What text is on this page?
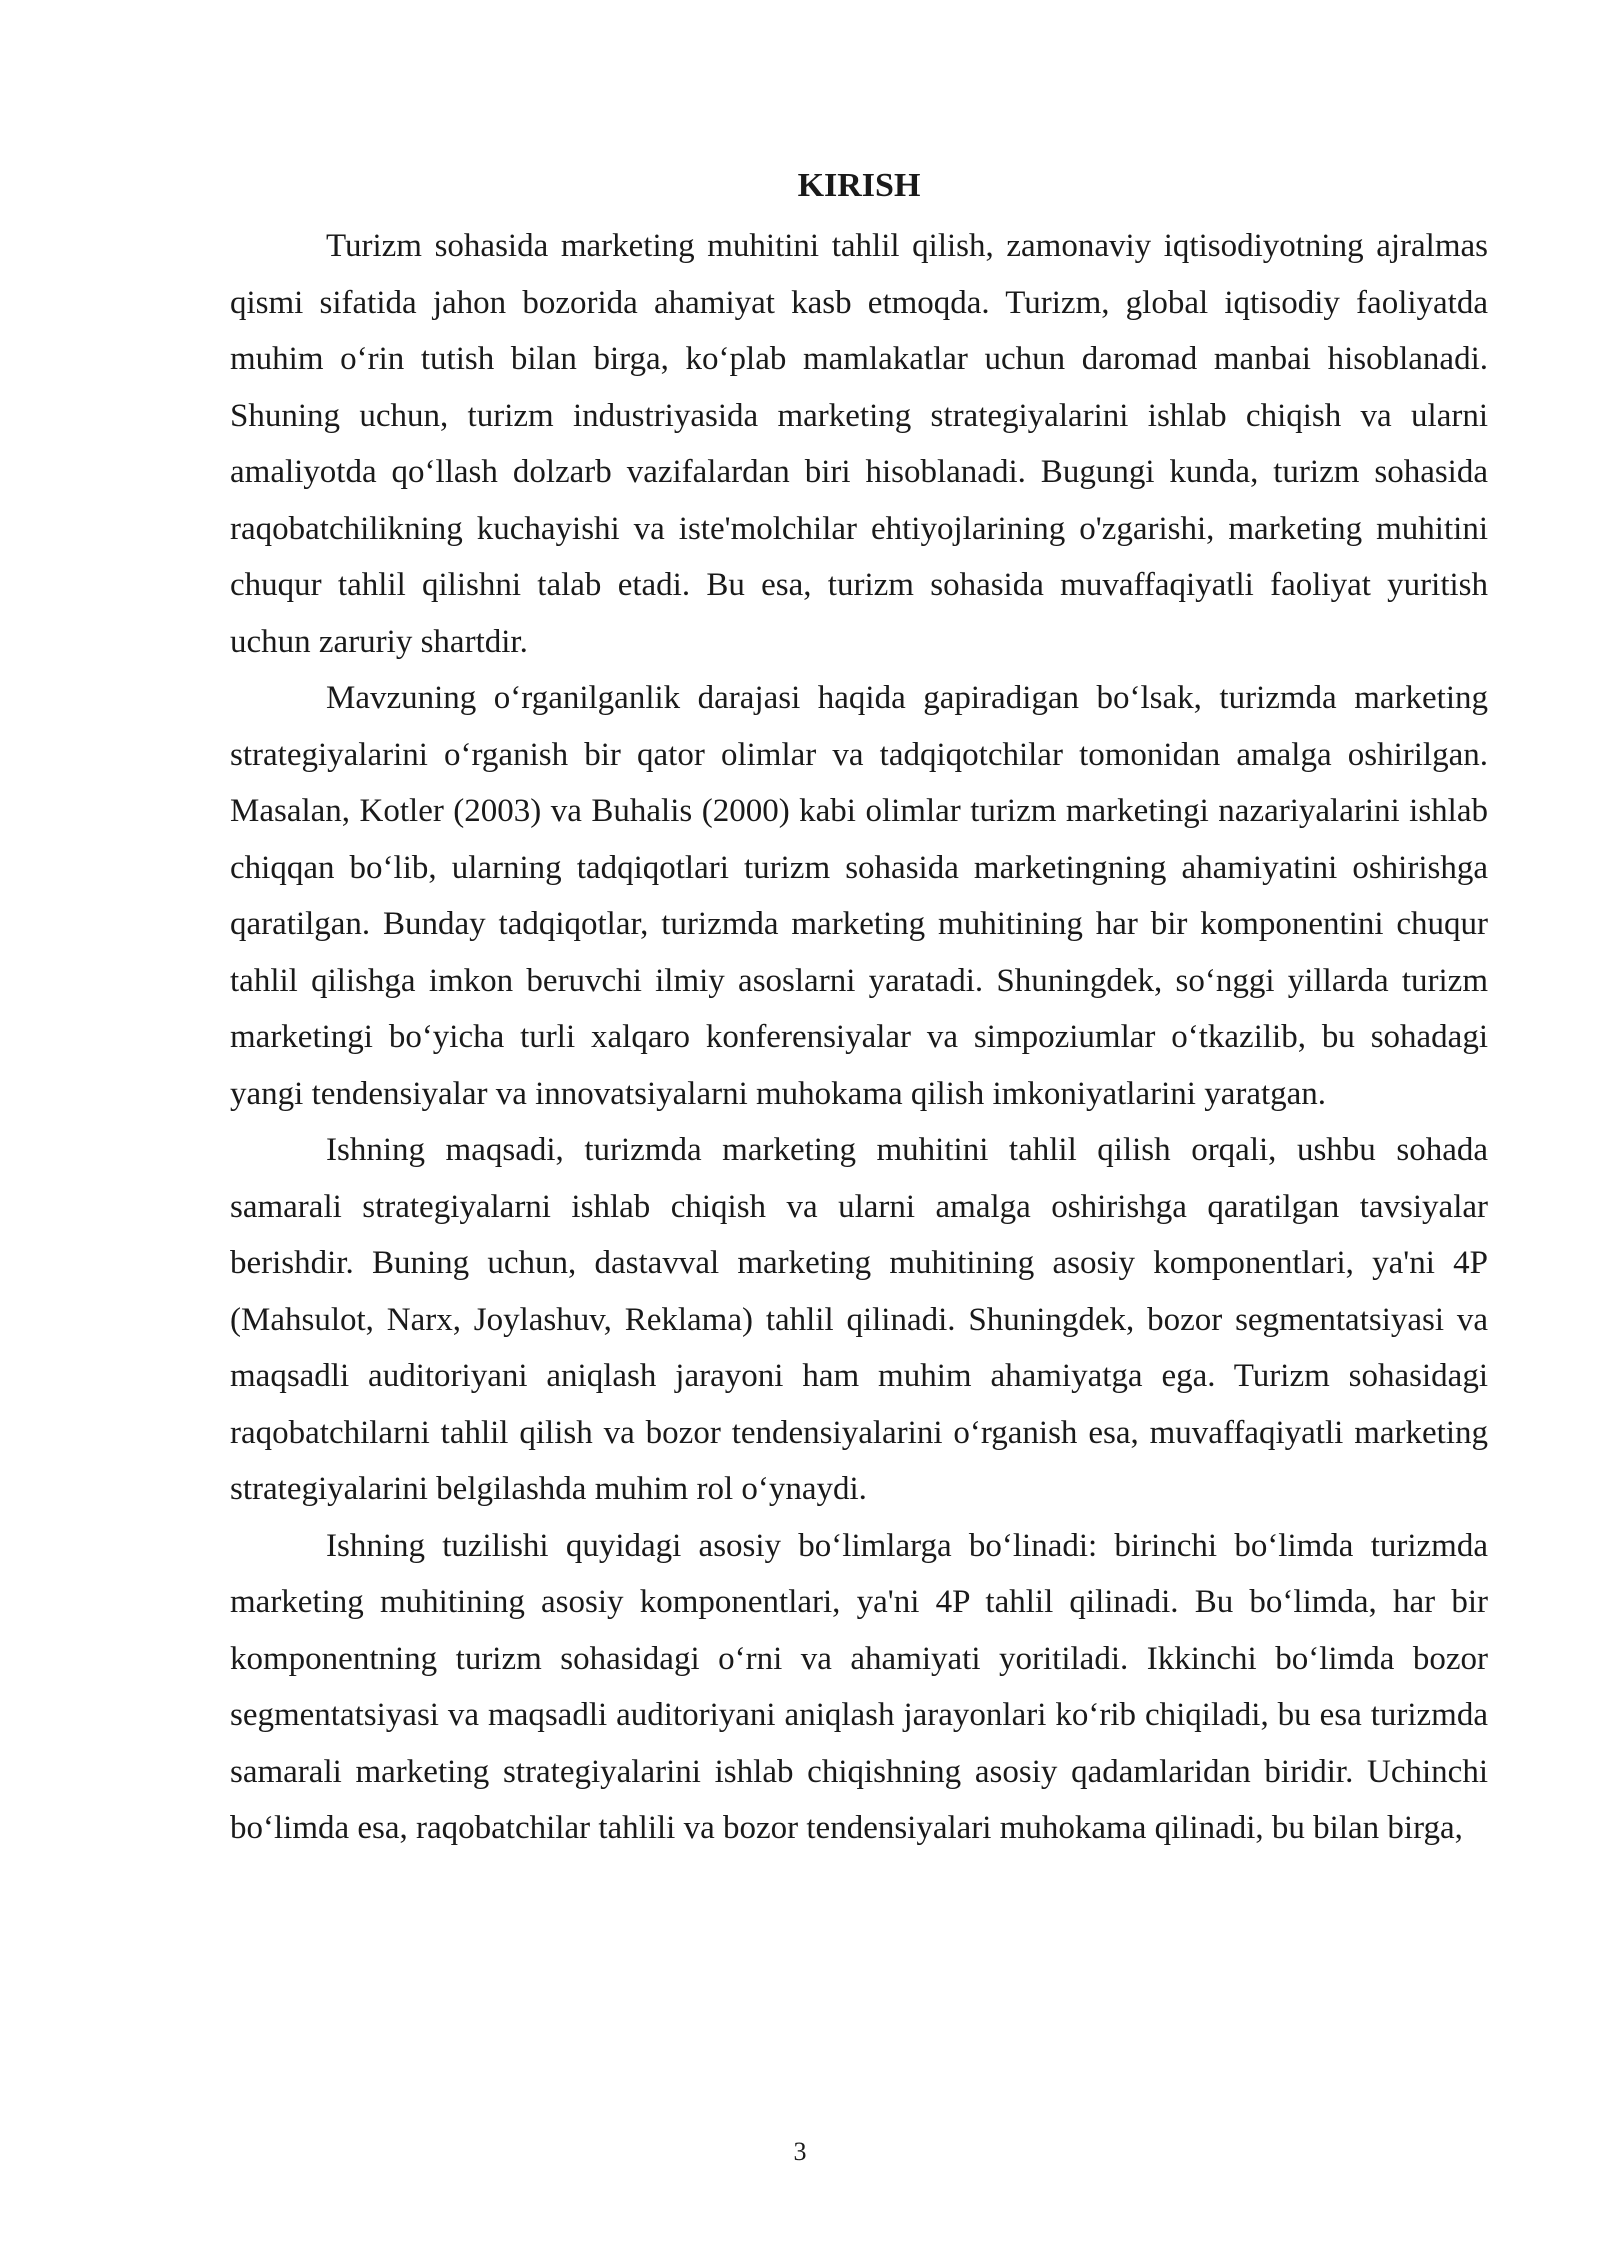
KIRISH

Turizm sohasida marketing muhitini tahlil qilish, zamonaviy iqtisodiyotning ajralmas qismi sifatida jahon bozorida ahamiyat kasb etmoqda. Turizm, global iqtisodiy faoliyatda muhim o‘rin tutish bilan birga, ko‘plab mamlakatlar uchun daromad manbai hisoblanadi. Shuning uchun, turizm industriyasida marketing strategiyalarini ishlab chiqish va ularni amaliyotda qo‘llash dolzarb vazifalardan biri hisoblanadi. Bugungi kunda, turizm sohasida raqobatchilikning kuchayishi va iste'molchilar ehtiyojlarining o'zgarishi, marketing muhitini chuqur tahlil qilishni talab etadi. Bu esa, turizm sohasida muvaffaqiyatli faoliyat yuritish uchun zaruriy shartdir.

Mavzuning o‘rganilganlik darajasi haqida gapiradigan bo‘lsak, turizmda marketing strategiyalarini o‘rganish bir qator olimlar va tadqiqotchilar tomonidan amalga oshirilgan. Masalan, Kotler (2003) va Buhalis (2000) kabi olimlar turizm marketingi nazariyalarini ishlab chiqqan bo‘lib, ularning tadqiqotlari turizm sohasida marketingning ahamiyatini oshirishga qaratilgan. Bunday tadqiqotlar, turizmda marketing muhitining har bir komponentini chuqur tahlil qilishga imkon beruvchi ilmiy asoslarni yaratadi. Shuningdek, so‘nggi yillarda turizm marketingi bo‘yicha turli xalqaro konferensiyalar va simpoziumlar o‘tkazilib, bu sohadagi yangi tendensiyalar va innovatsiyalarni muhokama qilish imkoniyatlarini yaratgan.

Ishning maqsadi, turizmda marketing muhitini tahlil qilish orqali, ushbu sohada samarali strategiyalarni ishlab chiqish va ularni amalga oshirishga qaratilgan tavsiyalar berishdir. Buning uchun, dastavval marketing muhitining asosiy komponentlari, ya'ni 4P (Mahsulot, Narx, Joylashuv, Reklama) tahlil qilinadi. Shuningdek, bozor segmentatsiyasi va maqsadli auditoriyani aniqlash jarayoni ham muhim ahamiyatga ega. Turizm sohasidagi raqobatchilarni tahlil qilish va bozor tendensiyalarini o‘rganish esa, muvaffaqiyatli marketing strategiyalarini belgilashda muhim rol o‘ynaydi.

Ishning tuzilishi quyidagi asosiy bo‘limlarga bo‘linadi: birinchi bo‘limda turizmda marketing muhitining asosiy komponentlari, ya'ni 4P tahlil qilinadi. Bu bo‘limda, har bir komponentning turizm sohasidagi o‘rni va ahamiyati yoritiladi. Ikkinchi bo‘limda bozor segmentatsiyasi va maqsadli auditoriyani aniqlash jarayonlari ko‘rib chiqiladi, bu esa turizmda samarali marketing strategiyalarini ishlab chiqishning asosiy qadamlaridan biridir. Uchinchi bo‘limda esa, raqobatchilar tahlili va bozor tendensiyalari muhokama qilinadi, bu bilan birga,

3
